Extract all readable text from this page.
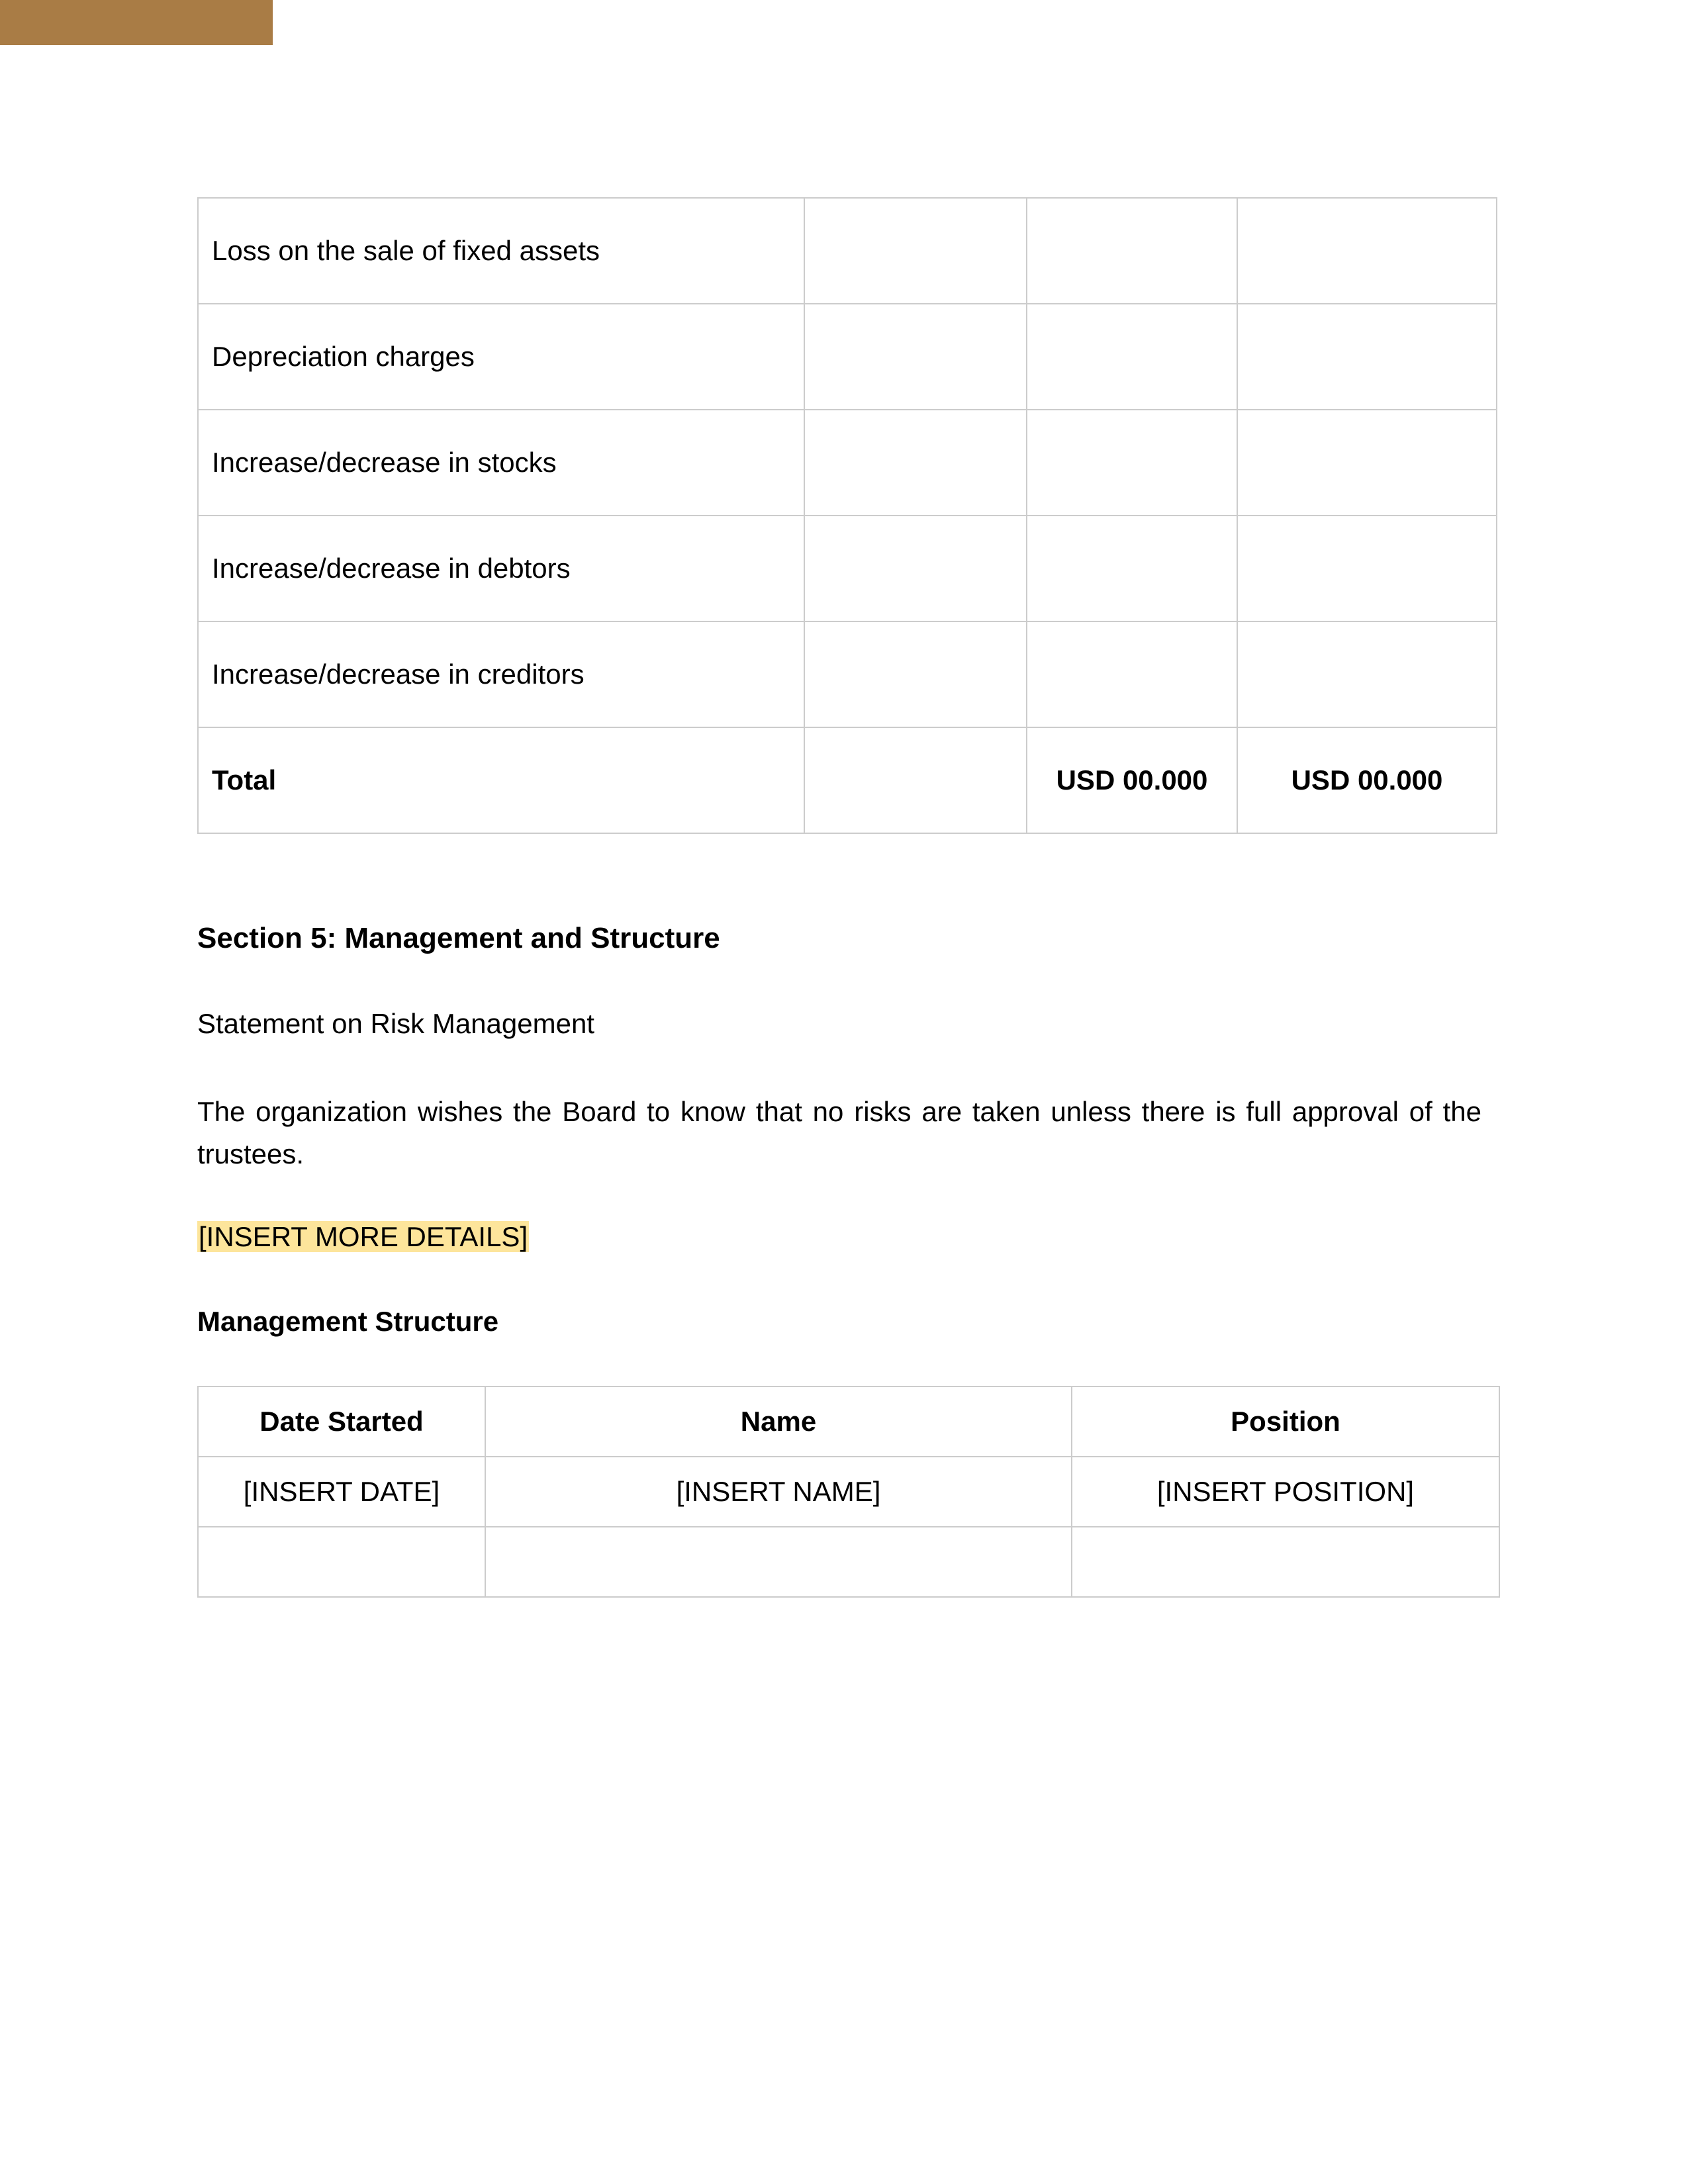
Loss on the sale of fixed assets			
Depreciation charges			
Increase/decrease in stocks			
Increase/decrease in debtors			
Increase/decrease in creditors			
Total		USD 00.000	USD 00.000
Section 5: Management and Structure

Statement on Risk Management

The organization wishes the Board to know that no risks are taken unless there is full approval of the trustees.

[INSERT MORE DETAILS]

Management Structure

Date Started	Name	Position
[INSERT DATE]	[INSERT NAME]	[INSERT POSITION]
